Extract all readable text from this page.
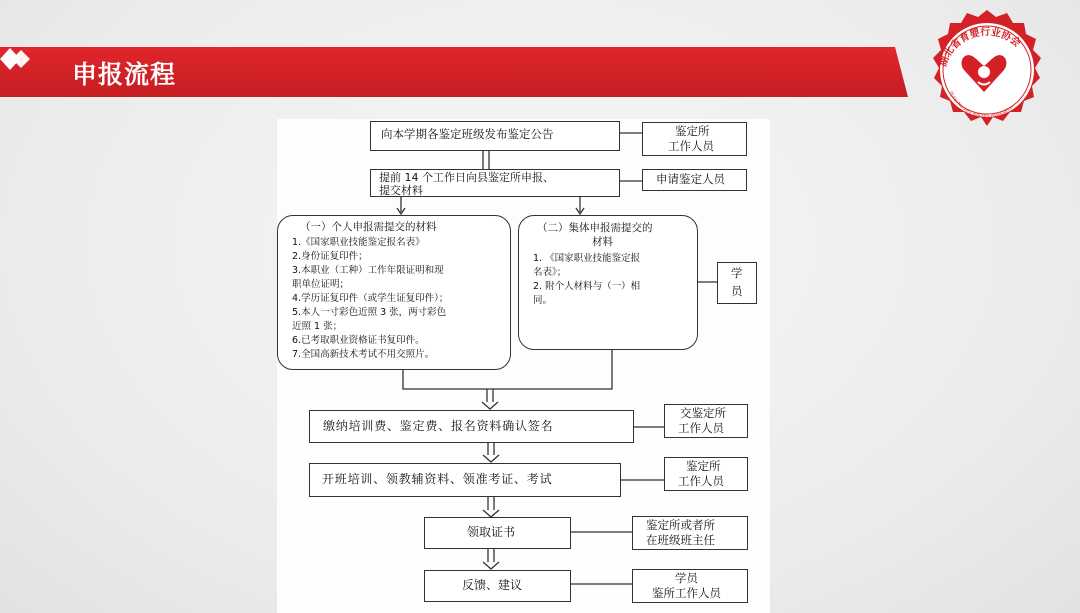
申报流程	湖北省育婴行业协会
Hubei Nursery Industry Association
向本学期各鉴定班级发布鉴定公告	鉴定所
工作人员
提前 14 个工作日向县鉴定所申报、
提交材料
申请鉴定人员
（一）个人申报需提交的材料
1.《国家职业技能鉴定报名表》
2.身份证复印件；
3.本职业（工种）工作年限证明和现
职单位证明；
4.学历证复印件（或学生证复印件）；
5.本人一寸彩色近照 3 张，两寸彩色
近照 1 张；
6.已考取职业资格证书复印件。
7.全国高新技术考试不用交照片。
（二）集体申报需提交的
材料
1. 《国家职业技能鉴定报
名表》；
2. 附个人材料与（一）相
同。
学
员
缴纳培训费、鉴定费、报名资料确认签名
交鉴定所
工作人员
开班培训、领教辅资料、领准考证、考试
鉴定所
工作人员
领取证书	鉴定所或者所
在班级班主任
反馈、建议	学员
鉴所工作人员
